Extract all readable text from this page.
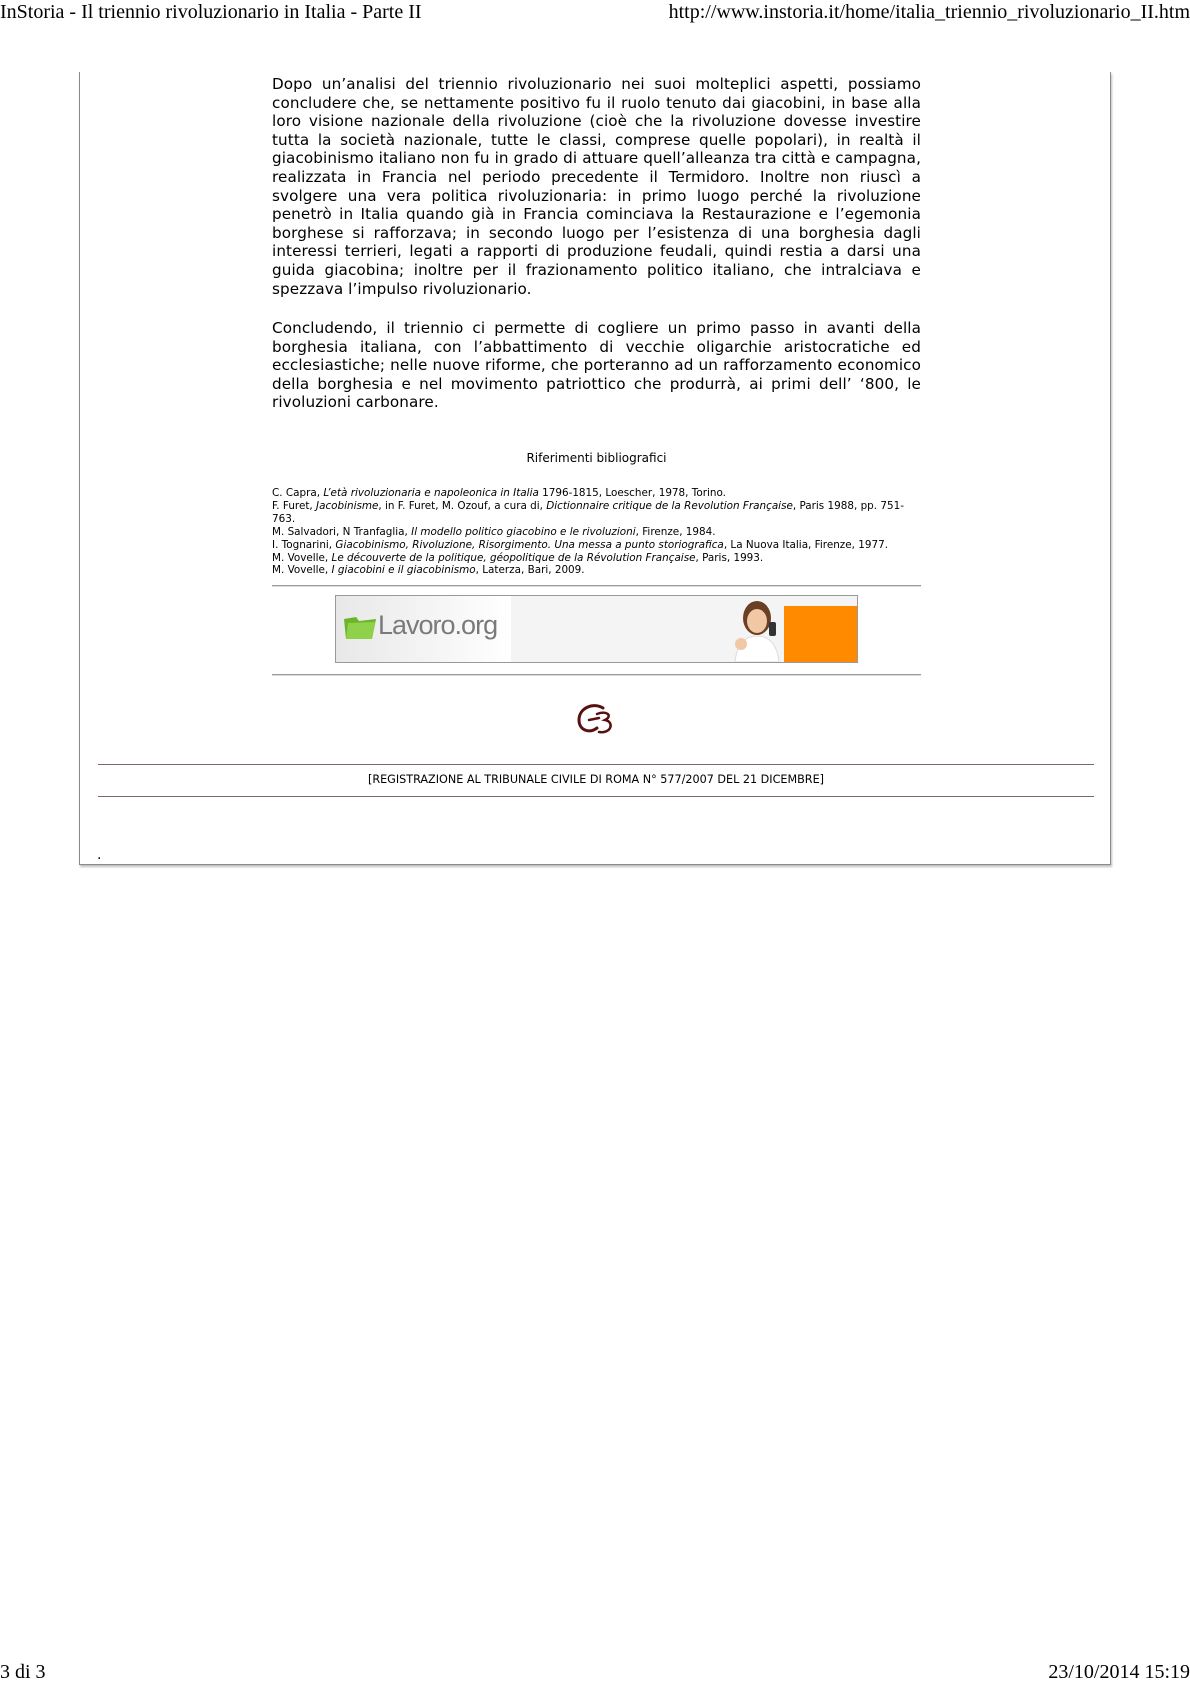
InStoria - Il triennio rivoluzionario in Italia - Parte II	http://www.instoria.it/home/italia_triennio_rivoluzionario_II.htm

Dopo un’analisi del triennio rivoluzionario nei suoi molteplici aspetti, possiamo concludere che, se nettamente positivo fu il ruolo tenuto dai giacobini, in base alla loro visione nazionale della rivoluzione (cioè che la rivoluzione dovesse investire tutta la società nazionale, tutte le classi, comprese quelle popolari), in realtà il giacobinismo italiano non fu in grado di attuare quell’alleanza tra città e campagna, realizzata in Francia nel periodo precedente il Termidoro. Inoltre non riuscì a svolgere una vera politica rivoluzionaria: in primo luogo perché la rivoluzione penetrò in Italia quando già in Francia cominciava la Restaurazione e l’egemonia borghese si rafforzava; in secondo luogo per l’esistenza di una borghesia dagli interessi terrieri, legati a rapporti di produzione feudali, quindi restia a darsi una guida giacobina; inoltre per il frazionamento politico italiano, che intralciava e spezzava l’impulso rivoluzionario.

Concludendo, il triennio ci permette di cogliere un primo passo in avanti della borghesia italiana, con l’abbattimento di vecchie oligarchie aristocratiche ed ecclesiastiche; nelle nuove riforme, che porteranno ad un rafforzamento economico della borghesia e nel movimento patriottico che produrrà, ai primi dell’ ‘800, le rivoluzioni carbonare.

Riferimenti bibliografici
C. Capra, L’età rivoluzionaria e napoleonica in Italia 1796-1815, Loescher, 1978, Torino.
F. Furet, Jacobinisme, in F. Furet, M. Ozouf, a cura di, Dictionnaire critique de la Revolution Française, Paris 1988, pp. 751-763.
M. Salvadori, N Tranfaglia, Il modello politico giacobino e le rivoluzioni, Firenze, 1984.
I. Tognarini, Giacobinismo, Rivoluzione, Risorgimento. Una messa a punto storiografica, La Nuova Italia, Firenze, 1977.
M. Vovelle, Le découverte de la politique, géopolitique de la Révolution Française, Paris, 1993.
M. Vovelle, I giacobini e il giacobinismo, Laterza, Bari, 2009.
Lavoro.org
[REGISTRAZIONE AL TRIBUNALE CIVILE DI ROMA N° 577/2007 DEL 21 DICEMBRE]
.
3 di 3	23/10/2014 15:19
